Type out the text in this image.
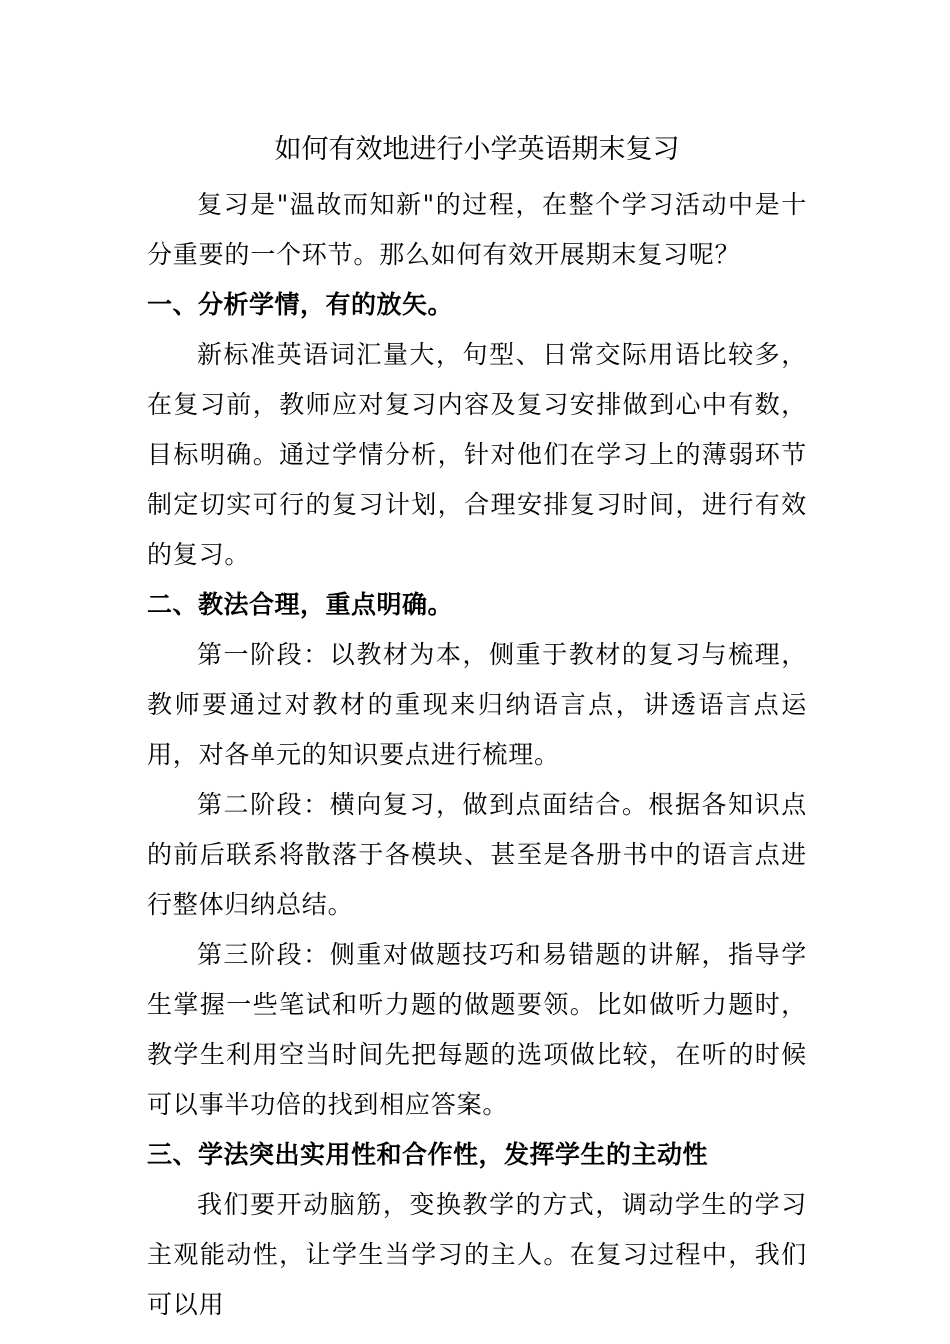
如何有效地进行小学英语期末复习

复习是"温故而知新"的过程，在整个学习活动中是十分重要的一个环节。那么如何有效开展期末复习呢？

一、分析学情，有的放矢。

新标准英语词汇量大，句型、日常交际用语比较多，在复习前，教师应对复习内容及复习安排做到心中有数，目标明确。通过学情分析，针对他们在学习上的薄弱环节制定切实可行的复习计划，合理安排复习时间，进行有效的复习。

二、教法合理，重点明确。

第一阶段：以教材为本，侧重于教材的复习与梳理，教师要通过对教材的重现来归纳语言点，讲透语言点运用，对各单元的知识要点进行梳理。

第二阶段：横向复习，做到点面结合。根据各知识点的前后联系将散落于各模块、甚至是各册书中的语言点进行整体归纳总结。

第三阶段：侧重对做题技巧和易错题的讲解，指导学生掌握一些笔试和听力题的做题要领。比如做听力题时，教学生利用空当时间先把每题的选项做比较，在听的时候可以事半功倍的找到相应答案。

三、学法突出实用性和合作性，发挥学生的主动性

我们要开动脑筋，变换教学的方式，调动学生的学习主观能动性，让学生当学习的主人。在复习过程中，我们可以用
